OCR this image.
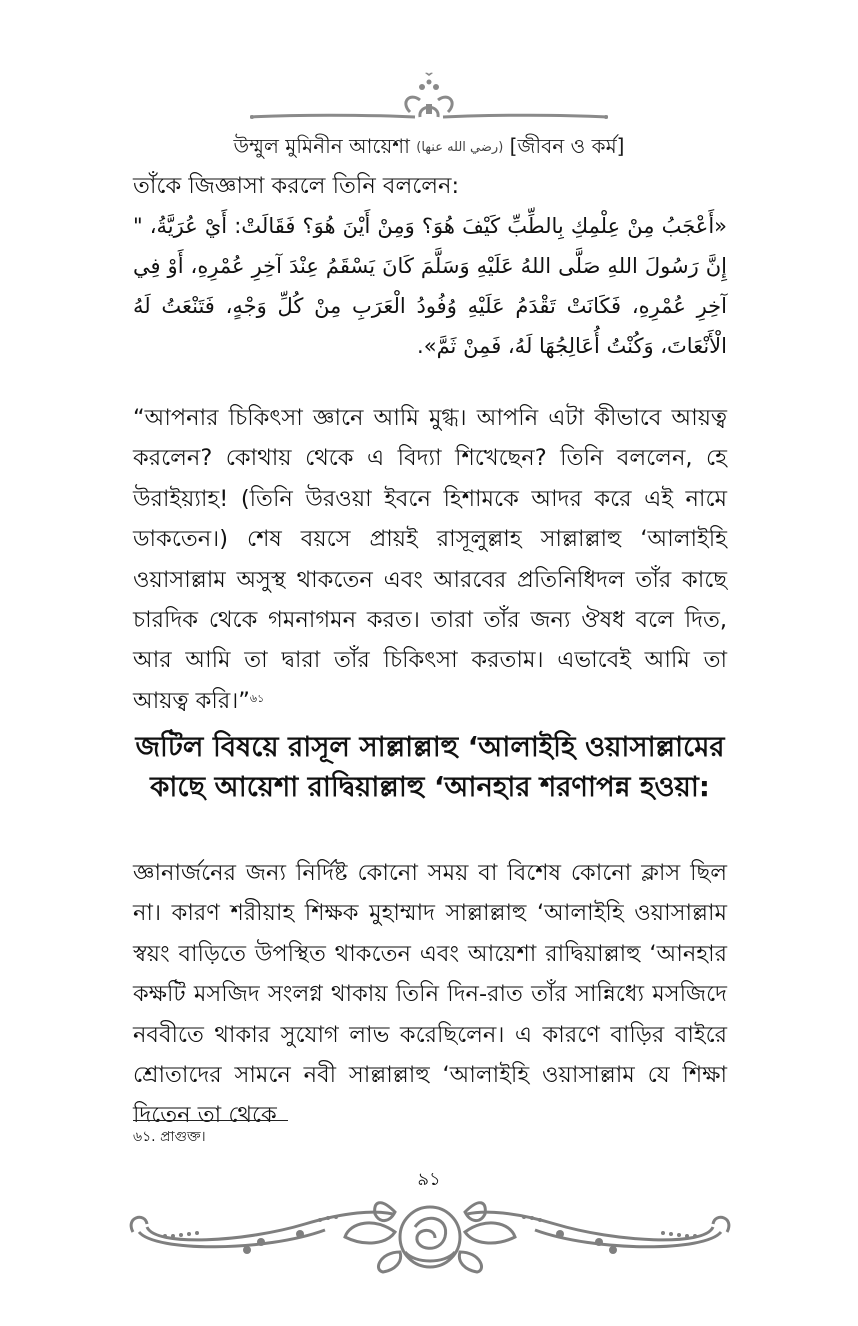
উম্মুল মুমিনীন আয়েশা (رضي الله عنها) [জীবন ও কর্ম]

তাঁকে জিজ্ঞাসা করলে তিনি বললেন:

«أَعْجَبُ مِنْ عِلْمِكِ بِالطِّبِّ كَيْفَ هُوَ؟ وَمِنْ أَيْنَ هُوَ؟ فَقَالَتْ: أَيْ عُرَيَّةُ، " إِنَّ رَسُولَ اللهِ صَلَّى اللهُ عَلَيْهِ وَسَلَّمَ كَانَ يَسْقَمُ عِنْدَ آخِرِ عُمْرِهِ، أَوْ فِي آخِرِ عُمْرِهِ، فَكَانَتْ تَقْدَمُ عَلَيْهِ وُفُودُ الْعَرَبِ مِنْ كُلِّ وَجْهٍ، فَتَنْعَتُ لَهُ الْأَنْعَاتَ، وَكُنْتُ أُعَالِجُهَا لَهُ، فَمِنْ ثَمَّ».

“আপনার চিকিৎসা জ্ঞানে আমি মুগ্ধ। আপনি এটা কীভাবে আয়ত্ব করলেন? কোথায় থেকে এ বিদ্যা শিখেছেন? তিনি বললেন, হে উরাইয়্যাহ! (তিনি উরওয়া ইবনে হিশামকে আদর করে এই নামে ডাকতেন।) শেষ বয়সে প্রায়ই রাসূলুল্লাহ সাল্লাল্লাহু ‘আলাইহি ওয়াসাল্লাম অসুস্থ থাকতেন এবং আরবের প্রতিনিধিদল তাঁর কাছে চারদিক থেকে গমনাগমন করত। তারা তাঁর জন্য ঔষধ বলে দিত, আর আমি তা দ্বারা তাঁর চিকিৎসা করতাম। এভাবেই আমি তা আয়ত্ব করি।”$^{৬১}$

জটিল বিষয়ে রাসূল সাল্লাল্লাহু ‘আলাইহি ওয়াসাল্লামের কাছে আয়েশা রাদ্বিয়াল্লাহু ‘আনহার শরণাপন্ন হওয়া:

জ্ঞানার্জনের জন্য নির্দিষ্ট কোনো সময় বা বিশেষ কোনো ক্লাস ছিল না। কারণ শরীয়াহ শিক্ষক মুহাম্মাদ সাল্লাল্লাহু ‘আলাইহি ওয়াসাল্লাম স্বয়ং বাড়িতে উপস্থিত থাকতেন এবং আয়েশা রাদ্বিয়াল্লাহু ‘আনহার কক্ষটি মসজিদ সংলগ্ন থাকায় তিনি দিন-রাত তাঁর সান্নিধ্যে মসজিদে নববীতে থাকার সুযোগ লাভ করেছিলেন। এ কারণে বাড়ির বাইরে শ্রোতাদের সামনে নবী সাল্লাল্লাহু ‘আলাইহি ওয়াসাল্লাম যে শিক্ষা দিতেন তা থেকে

৬১. প্রাগুক্ত।
৯১
